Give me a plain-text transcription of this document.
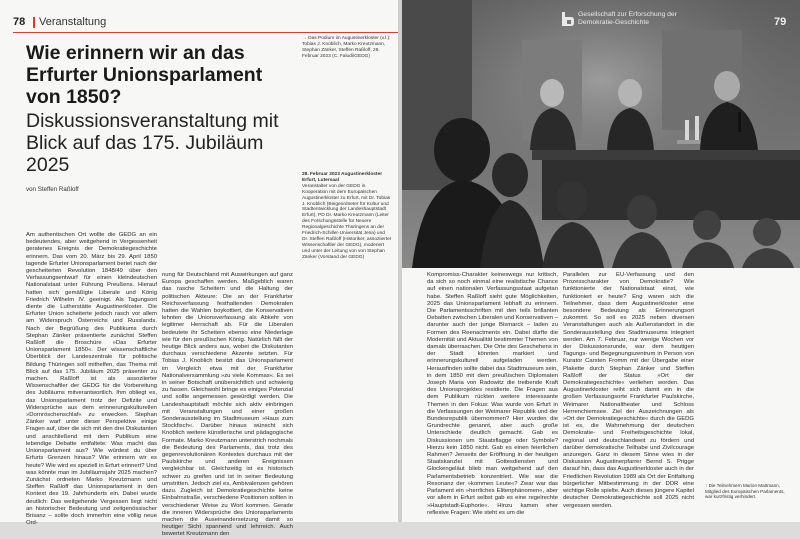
78 Veranstaltung
Wie erinnern wir an das Erfurter Unionsparlament von 1850?
Diskussionsveranstaltung mit Blick auf das 175. Jubiläum 2025
von Steffen Raßloff
→ Das Podium im Augustinerkloster (v.l.): Tobias J. Knoblich, Marko Kreutzmann, Stephan Zänker, Steffen Raßloff, 28. Februar 2023 (C. Faludi/GEDG)
28. Februar 2023 Augustinerkloster Erfurt, Lutersaal
Veranstalter von der GEDG in Kooperation mit dem Europäischen Augustinerkloster zu Erfurt, mit Dr. Tobias J. Knoblich (Beigeordneter für Kultur und Stadtentwicklung der Landeshauptstadt Erfurt), PD Dr. Marko Kreutzmann (Leiter des Forschungsstelle für Neuere Regionalgeschichte Thüringens an der Friedrich-Schiller-Universität Jena) und Dr. Steffen Raßloff (Historiker, assoziierter Wissenschaftler der GEDG), moderiert und unter der Leitung von von Stephan Zänker (Vorstand der GEDG)

Am authentischen Ort wollte die GEDG an ein bedeutendes, aber weitgehend in Vergessenheit geratenes Ereignis der Demokratiegeschichte erinnern. Das vom 20. März bis 29. April 1850 tagende Erfurter Unionsparlament beriet nach der gescheiterten Revolution 1848/49 über den Verfassungsentwurf für einen kleindeutschen Nationalstaat unter Führung Preußens. Hierauf hatten sich gemäßigte Liberale und König Friedrich Wilhelm IV. geeinigt. Als Tagungsort diente die Lutherstätte Augustinerkloster. Die Erfurter Union scheiterte jedoch rasch vor allem am Widerspruch Österreichs und Russlands. Nach der Begrüßung des Publikums durch Stephan Zänker präsentierte zunächst Steffen Raßloff die Broschüre »Das Erfurter Unionsparlament 1850«. Der wissenschaftliche Überblick der Landeszentrale für politische Bildung Thüringen soll mithelfen, das Thema mit Blick auf das 175. Jubiläum 2025 präsenter zu machen. Raßloff ist als assoziierter Wissenschaftler der GEDG für die Vorbereitung des Jubiläums mitverantwortlich. Ihm obliegt es, das Unionsparlament trotz der Defizite und Widersprüche aus dem erinnerungskulturellen »Dornröschenschlaf« zu erwecken. Stephan Zänker warf unter dieser Perspektive einige Fragen auf, über die sich mit den drei Diskutanten und anschließend mit dem Publikum eine lebendige Debatte entfaltete: Was macht das Unionsparlament aus? Wie würdest du über Erfurts Grenzen hinaus? Wie erinnern wir es heute? Wie wird es speziell in Erfurt erinnert? Und was könnte man im Jubiläumsjahr 2025 machen? Zunächst ordneten Marko Kreutzmann und Steffen Raßloff das Unionsparlament in den Kontext des 19. Jahrhunderts ein. Dabei wurde deutlich: Das weitgehende Vergessen liegt nicht an historischer Bedeutung und zeitgenössischer Brisanz – sollte doch immerhin eine völlig neue Ord-

nung für Deutschland mit Auswirkungen auf ganz Europa geschaffen werden. Maßgeblich waren das rasche Scheitern und die Haltung der politischen Akteure: Die an der Frankfurter Reichsverfassung festhaltenden Demokraten hatten die Wahlen boykottiert, die Konservativen lehnten die Unionsverfassung als Abkehr von legitimer Herrschaft ab. Für die Liberalen bedeutete ihr Scheitern ebenso eine Niederlage wie für den preußischen König. Natürlich fällt der heutige Blick anders aus, wobei die Diskutanten durchaus verschiedene Akzente setzten. Für Tobias J. Knoblich besitzt das Unionsparlament im Vergleich etwa mit der Frankfurter Nationalversammlung »zu viele Kommas«. Es sei in seiner Botschaft unübersichtlich und schwierig zu fassen. Gleichwohl bringe es einiges Potenzial und sollte angemessen gewürdigt werden. Die Landeshauptstadt möchte sich aktiv einbringen mit Veranstaltungen und einer großen Sonderausstellung im Stadtmuseum »Haus zum Stockfisch«. Darüber hinaus wünscht sich Knoblich weitere künstlerische und pädagogische Formate. Marko Kreutzmann unterstrich nochmals die Bedeutung des Parlaments, das trotz des gegenrevolutionären Kontextes durchaus mit der Paulskirche und anderen Ereignissen vergleichbar ist. Gleichzeitig ist es historisch schwer zu greifen und ist in seiner Bedeutung umstritten. Jedoch ziel es, Ambivalenzen gehören dazu. Zugleich ist Demokratiegeschichte keine Einbahnstraße, verschiedene Positionen sollten in verschiedener Weise zu Wort kommen. Gerade die inneren Widersprüche des Unionsparlaments machen die Auseinandersetzung damit so heutiger Sicht spannend und lehrreich. Auch bewertet Kreutzmann den

Gesellschaft zur Erforschung der Demokratie-Geschichte	79

Kompromiss-Charakter keineswegs nur kritisch, da sich so noch einmal eine realistische Chance auf einen nationalen Verfassungsstaat aufgetan habe. Steffen Raßloff sieht gute Möglichkeiten, 2025 das Unionsparlament lebhaft zu erinnern. Die Parlamentsschriften mit den teils brillanten Debatten zwischen Liberalen und Konservativen – darunter auch der junge Bismarck – laden zu Formen des Reenactments ein. Dabei dürfte die Modernität und Aktualität bestimmter Themen von damals überraschen. Die Orte des Geschehens in der Stadt könnten markiert und erinnerungskulturell aufgeladen werden. Herausfinden sollte dabei das Stadtmuseum sein, in dem 1850 mit dem preußischen Diplomaten Joseph Maria von Radowitz die treibende Kraft des Unionsprojektes residierte. Die Fragen aus dem Publikum rückten weitere interessante Themen in den Fokus: Was wurde von Erfurt in die Verfassungen der Weimarer Republik und der Bundesrepublik übernommen? Hier wurden die Grundrechte genannt, aber auch große Unterschiede deutlich gemacht. Gab es Diskussionen um Staatsflagge oder Symbole? Hierzu kein 1850 nicht. Gab es einen feierlichen Rahmen? Jenseits der Eröffnung in der heutigen Staatskanzlei mit Gottesdiensten und Glockengeläut blieb man weitgehend auf den Parlamentsbetrieb konzentriert. Wie war die Resonanz der »kommen Leute«? Zwar war das Parlament ein »herrliches Elitenphänomen«, aber vor allem in Erfurt selbst gab es eine regelrechte »Hauptstadt-Euphorie«. Hinzu kamen eher reflexive Fragen: Wie steht es um die

Parallelen zur EU-Verfassung und den Prozesscharakter von Demokratie? Wie funktionierte der Nationalstaat einst, wie funktioniert er heute? Eng waren sich die Teilnehmer, dass dem Augustinerkloster eine besondere Bedeutung als Erinnerungsort zukommt. So soll es 2025 neben diversen Veranstaltungen auch als Außenstandort in die Sonderausstellung des Stadtmuseums integriert werden. Am 7. Februar, nur wenige Wochen vor der Diskussionsrunde, war dem heutigen Tagungs- und Begegnungszentrum in Person von Kurator Carsten Fromm mit der Übergabe einer Plakette durch Stephan Zänker und Steffen Raßloff der Status »Ort der Demokratiegeschichte« verliehen worden. Das Augustinerkloster reiht sich damit ein in die großen Verfassungsorte Frankfurter Paulskirche, Weimarer Nationaltheater und Schloss Herrenchiemsee. Ziel der Auszeichnungen als »Ort der Demokratiegeschichte« durch die GEDG ist es, die Wahrnehmung der deutschen Demokratie- und Freiheitsgeschichte lokal, regional und deutschlandweit zu fördern und darüber demokratische Teilhabe und Zivilcourage anzuregen. Ganz in diesem Sinne wies in der Diskussion Augustinerpfarrer Bernd S. Prigge darauf hin, dass das Augustinerkloster auch in der Friedlichen Revolution 1989 als Ort der Entfaltung bürgerlicher Mitbestimmung in der DDR eine wichtige Rolle spielte. Auch dieses jüngere Kapitel deutscher Demokratiegeschichte soll 2025 nicht vergessen werden.

↑ Die Teilnehmern Marion Mattmann, Mitglied des Europäischen Parlaments, war kurzfristig verhindert.
